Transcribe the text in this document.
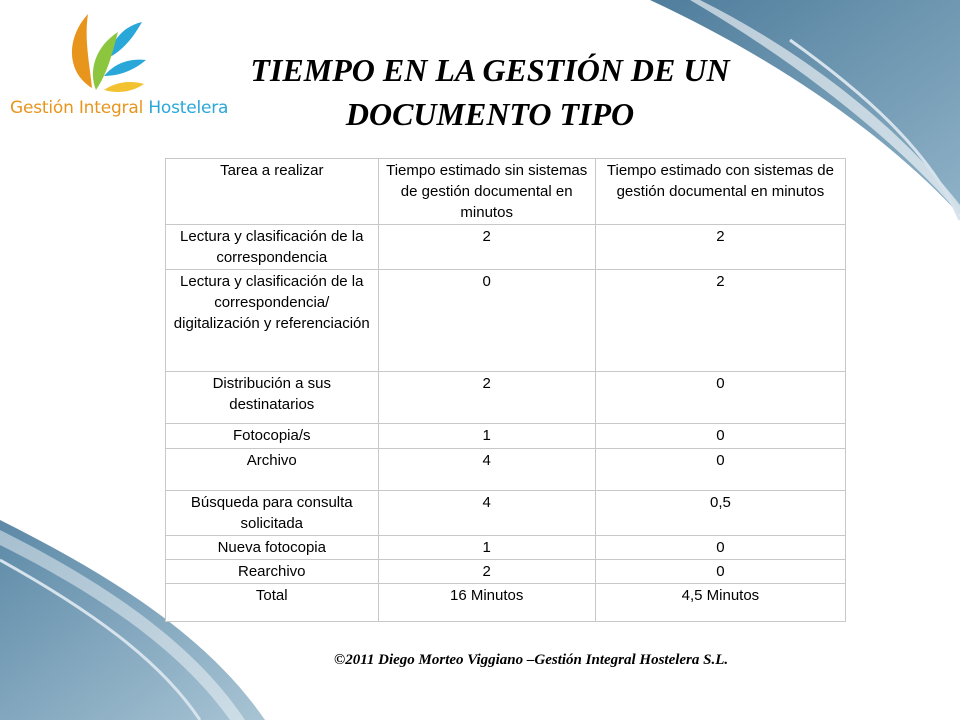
Gestión Integral Hostelera
TIEMPO EN LA GESTIÓN DE UN
DOCUMENTO TIPO
Tarea a realizar	Tiempo estimado sin sistemas de gestión documental en minutos	Tiempo estimado con sistemas de gestión documental en minutos
Lectura y clasificación de la correspondencia	2	2
Lectura y clasificación de la correspondencia/ digitalización y referenciación	0	2
Distribución a sus destinatarios	2	0
Fotocopia/s	1	0
Archivo	4	0
Búsqueda para consulta solicitada	4	0,5
Nueva fotocopia	1	0
Rearchivo	2	0
Total	16 Minutos	4,5 Minutos
©2011 Diego Morteo Viggiano –Gestión Integral Hostelera S.L.
